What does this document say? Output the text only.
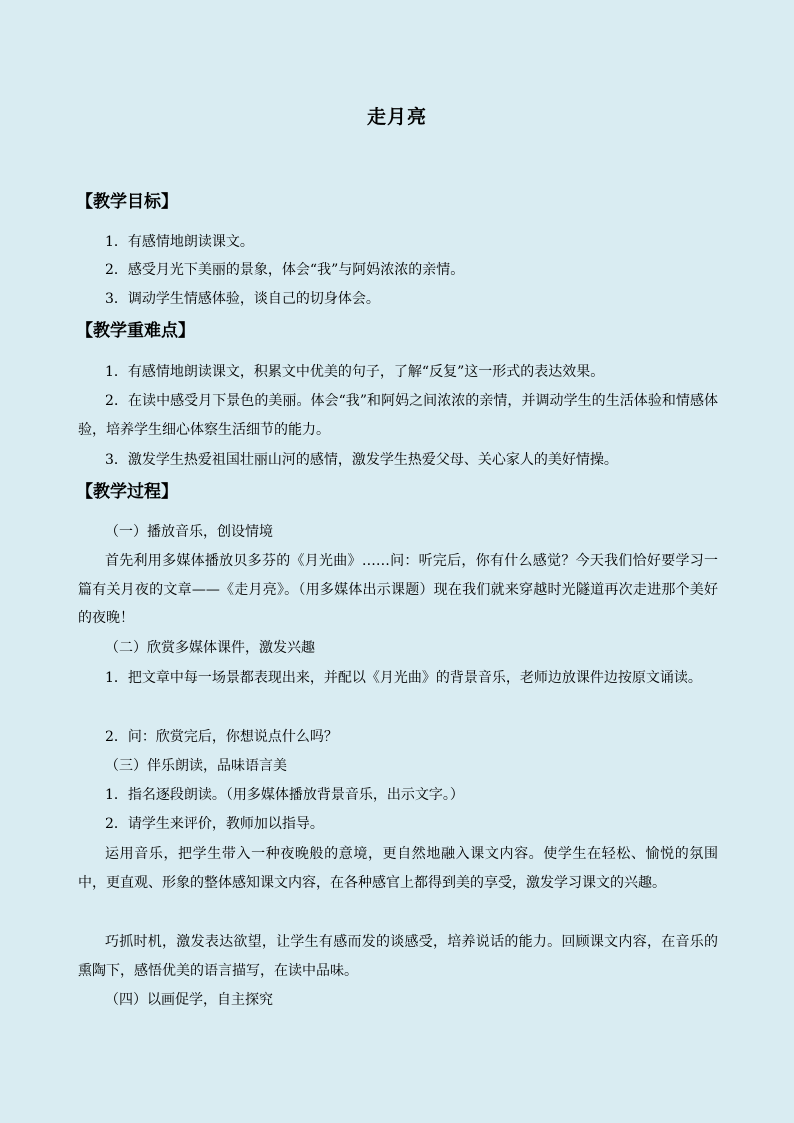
走月亮
【教学目标】
1．有感情地朗读课文。
2．感受月光下美丽的景象，体会“我”与阿妈浓浓的亲情。
3．调动学生情感体验，谈自己的切身体会。
【教学重难点】
1．有感情地朗读课文，积累文中优美的句子，了解“反复”这一形式的表达效果。
2．在读中感受月下景色的美丽。体会“我”和阿妈之间浓浓的亲情，并调动学生的生活体验和情感体验，培养学生细心体察生活细节的能力。
3．激发学生热爱祖国壮丽山河的感情，激发学生热爱父母、关心家人的美好情操。
【教学过程】
（一）播放音乐，创设情境
首先利用多媒体播放贝多芬的《月光曲》……问：听完后，你有什么感觉？今天我们恰好要学习一篇有关月夜的文章——《走月亮》。（用多媒体出示课题）现在我们就来穿越时光隧道再次走进那个美好的夜晚！
（二）欣赏多媒体课件，激发兴趣
1．把文章中每一场景都表现出来，并配以《月光曲》的背景音乐，老师边放课件边按原文诵读。
2．问：欣赏完后，你想说点什么吗？
（三）伴乐朗读，品味语言美
1．指名逐段朗读。（用多媒体播放背景音乐，出示文字。）
2．请学生来评价，教师加以指导。
运用音乐，把学生带入一种夜晚般的意境，更自然地融入课文内容。使学生在轻松、愉悦的氛围中，更直观、形象的整体感知课文内容，在各种感官上都得到美的享受，激发学习课文的兴趣。
巧抓时机，激发表达欲望，让学生有感而发的谈感受，培养说话的能力。回顾课文内容，在音乐的熏陶下，感悟优美的语言描写，在读中品味。
（四）以画促学，自主探究
